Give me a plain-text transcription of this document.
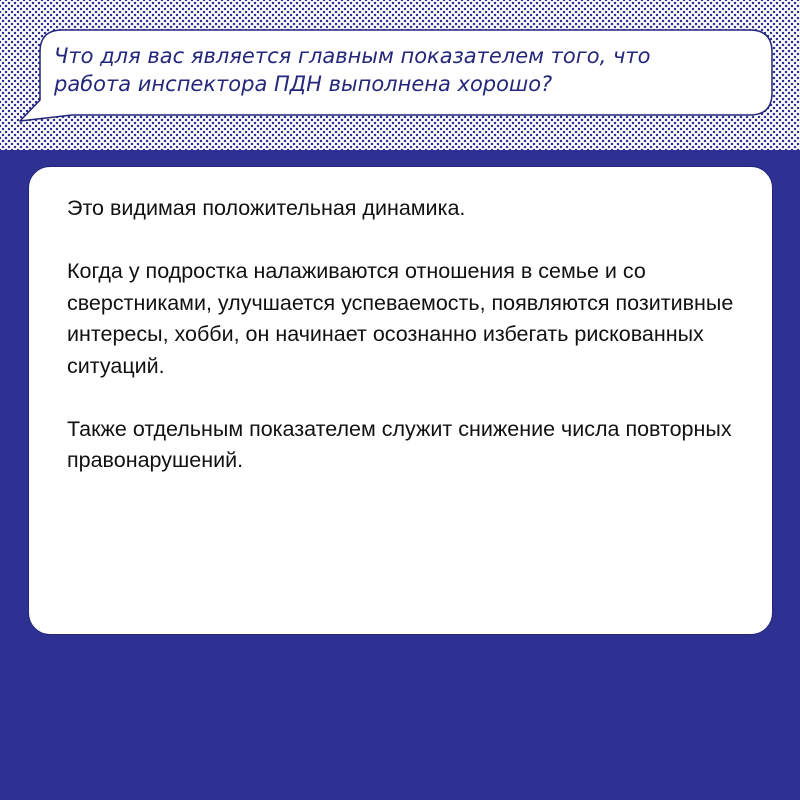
Что для вас является главным показателем того, что
работа инспектора ПДН выполнена хорошо?

Это видимая положительная динамика.

Когда у подростка налаживаются отношения в семье и со сверстниками, улучшается успеваемость, появляются позитивные интересы, хобби, он начинает осознанно избегать рискованных ситуаций.

Также отдельным показателем служит снижение числа повторных правонарушений.
